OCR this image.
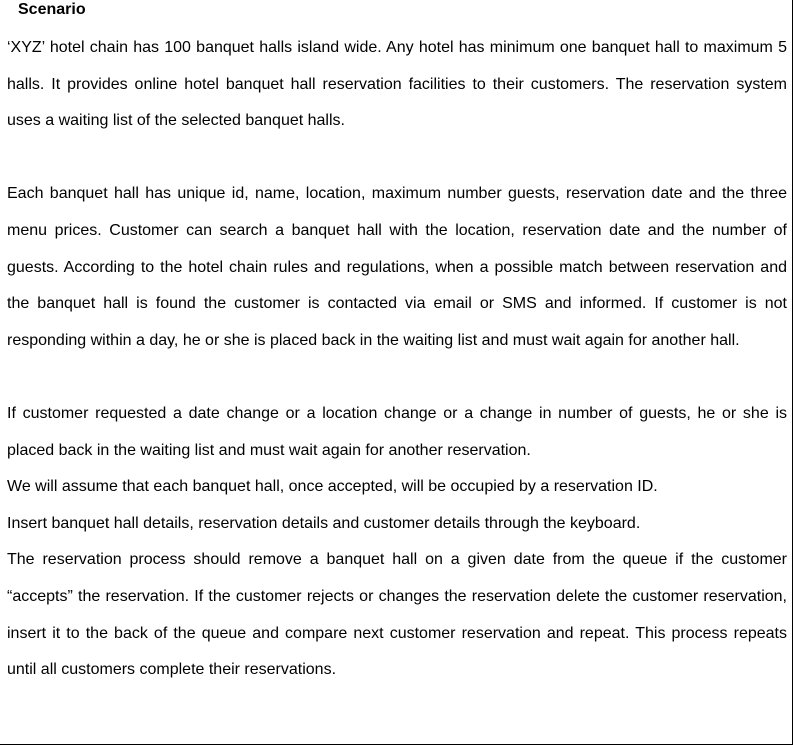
Scenario

‘XYZ’ hotel chain has 100 banquet halls island wide. Any hotel has minimum one banquet hall to maximum 5 halls. It provides online hotel banquet hall reservation facilities to their customers. The reservation system uses a waiting list of the selected banquet halls.

Each banquet hall has unique id, name, location, maximum number guests, reservation date and the three menu prices. Customer can search a banquet hall with the location, reservation date and the number of guests. According to the hotel chain rules and regulations, when a possible match between reservation and the banquet hall is found the customer is contacted via email or SMS and informed. If customer is not responding within a day, he or she is placed back in the waiting list and must wait again for another hall.

If customer requested a date change or a location change or a change in number of guests, he or she is placed back in the waiting list and must wait again for another reservation.

We will assume that each banquet hall, once accepted, will be occupied by a reservation ID.

Insert banquet hall details, reservation details and customer details through the keyboard.

The reservation process should remove a banquet hall on a given date from the queue if the customer “accepts” the reservation. If the customer rejects or changes the reservation delete the customer reservation, insert it to the back of the queue and compare next customer reservation and repeat. This process repeats until all customers complete their reservations.
